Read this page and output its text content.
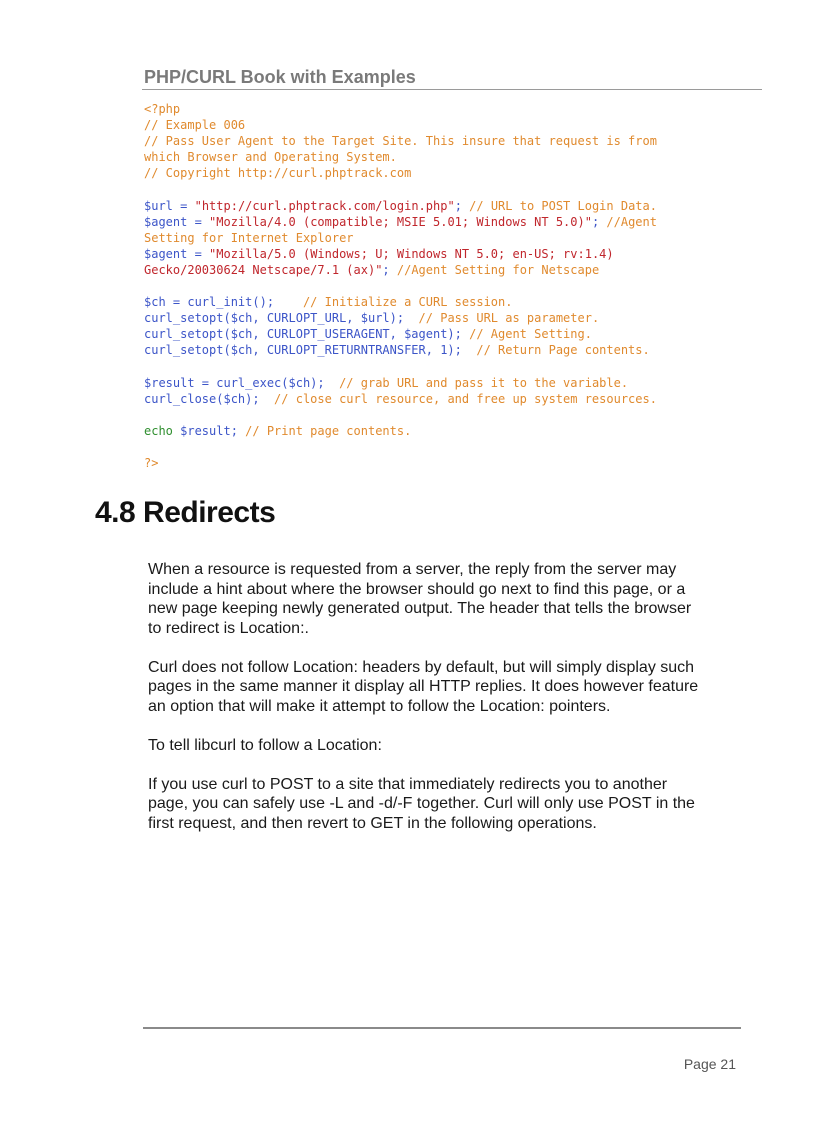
PHP/CURL Book with Examples
<?php
// Example 006
// Pass User Agent to the Target Site. This insure that request is from
which Browser and Operating System.
// Copyright http://curl.phptrack.com

$url = "http://curl.phptrack.com/login.php"; // URL to POST Login Data.
$agent = "Mozilla/4.0 (compatible; MSIE 5.01; Windows NT 5.0)"; //Agent
Setting for Internet Explorer
$agent = "Mozilla/5.0 (Windows; U; Windows NT 5.0; en-US; rv:1.4)
Gecko/20030624 Netscape/7.1 (ax)"; //Agent Setting for Netscape

$ch = curl_init();    // Initialize a CURL session.
curl_setopt($ch, CURLOPT_URL, $url);  // Pass URL as parameter.
curl_setopt($ch, CURLOPT_USERAGENT, $agent); // Agent Setting.
curl_setopt($ch, CURLOPT_RETURNTRANSFER, 1);  // Return Page contents.

$result = curl_exec($ch);  // grab URL and pass it to the variable.
curl_close($ch);  // close curl resource, and free up system resources.

echo $result; // Print page contents.

?>
4.8 Redirects

When a resource is requested from a server, the reply from the server may include a hint about where the browser should go next to find this page, or a new page keeping newly generated output. The header that tells the browser to redirect is Location:.

Curl does not follow Location: headers by default, but will simply display such pages in the same manner it display all HTTP replies. It does however feature an option that will make it attempt to follow the Location: pointers.

To tell libcurl to follow a Location:

If you use curl to POST to a site that immediately redirects you to another page, you can safely use -L and -d/-F together. Curl will only use POST in the first request, and then revert to GET in the following operations.

Page 21
